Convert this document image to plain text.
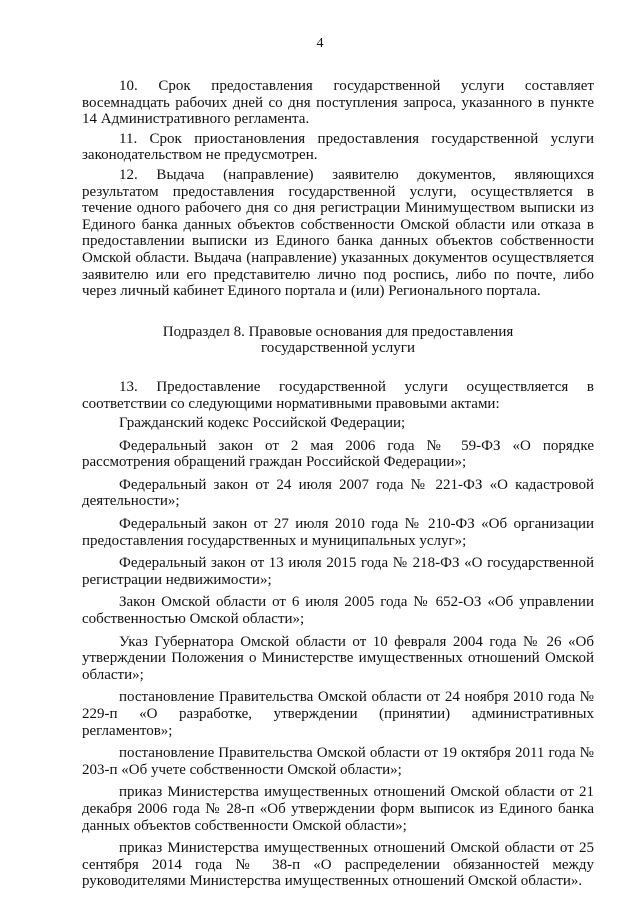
4

10. Срок предоставления государственной услуги составляет восемнадцать рабочих дней со дня поступления запроса, указанного в пункте 14 Административного регламента.

11. Срок приостановления предоставления государственной услуги законодательством не предусмотрен.

12. Выдача (направление) заявителю документов, являющихся результатом предоставления государственной услуги, осуществляется в течение одного рабочего дня со дня регистрации Минимуществом выписки из Единого банка данных объектов собственности Омской области или отказа в предоставлении выписки из Единого банка данных объектов собственности Омской области. Выдача (направление) указанных документов осуществляется заявителю или его представителю лично под роспись, либо по почте, либо через личный кабинет Единого портала и (или) Регионального портала.

Подраздел 8. Правовые основания для предоставления
государственной услуги

13. Предоставление государственной услуги осуществляется в соответствии со следующими нормативными правовыми актами:

Гражданский кодекс Российской Федерации;

Федеральный закон от 2 мая 2006 года № 59-ФЗ «О порядке рассмотрения обращений граждан Российской Федерации»;

Федеральный закон от 24 июля 2007 года № 221-ФЗ «О кадастровой деятельности»;

Федеральный закон от 27 июля 2010 года № 210-ФЗ «Об организации предоставления государственных и муниципальных услуг»;

Федеральный закон от 13 июля 2015 года № 218-ФЗ «О государственной регистрации недвижимости»;

Закон Омской области от 6 июля 2005 года № 652-ОЗ «Об управлении собственностью Омской области»;

Указ Губернатора Омской области от 10 февраля 2004 года № 26 «Об утверждении Положения о Министерстве имущественных отношений Омской области»;

постановление Правительства Омской области от 24 ноября 2010 года № 229-п «О разработке, утверждении (принятии) административных регламентов»;

постановление Правительства Омской области от 19 октября 2011 года № 203-п «Об учете собственности Омской области»;

приказ Министерства имущественных отношений Омской области от 21 декабря 2006 года № 28-п «Об утверждении форм выписок из Единого банка данных объектов собственности Омской области»;

приказ Министерства имущественных отношений Омской области от 25 сентября 2014 года № 38-п «О распределении обязанностей между руководителями Министерства имущественных отношений Омской области».
